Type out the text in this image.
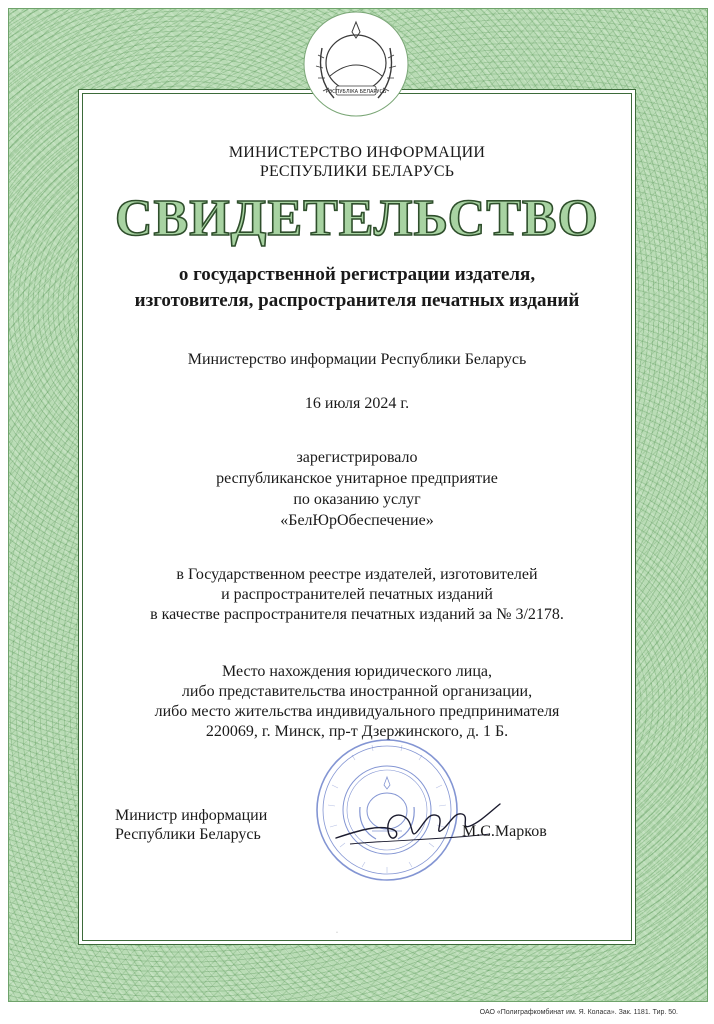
РЭСПУБЛІКА БЕЛАРУСЬ
МИНИСТЕРСТВО ИНФОРМАЦИИ
РЕСПУБЛИКИ БЕЛАРУСЬ
СВИДЕТЕЛЬСТВО
о государственной регистрации издателя,
изготовителя, распространителя печатных изданий
Министерство информации Республики Беларусь
16 июля 2024 г.
зарегистрировало
республиканское унитарное предприятие
по оказанию услуг
«БелЮрОбеспечение»
в Государственном реестре издателей, изготовителей
и распространителей печатных изданий
в качестве распространителя печатных изданий за № 3/2178.
Место нахождения юридического лица,
либо представительства иностранной организации,
либо место жительства индивидуального предпринимателя
220069, г. Минск, пр-т Дзержинского, д. 1 Б.
Министр информации
Республики Беларусь	М.С.Марков
·
ОАО «Полиграфкомбинат им. Я. Коласа». Зак. 1181. Тир. 50.
